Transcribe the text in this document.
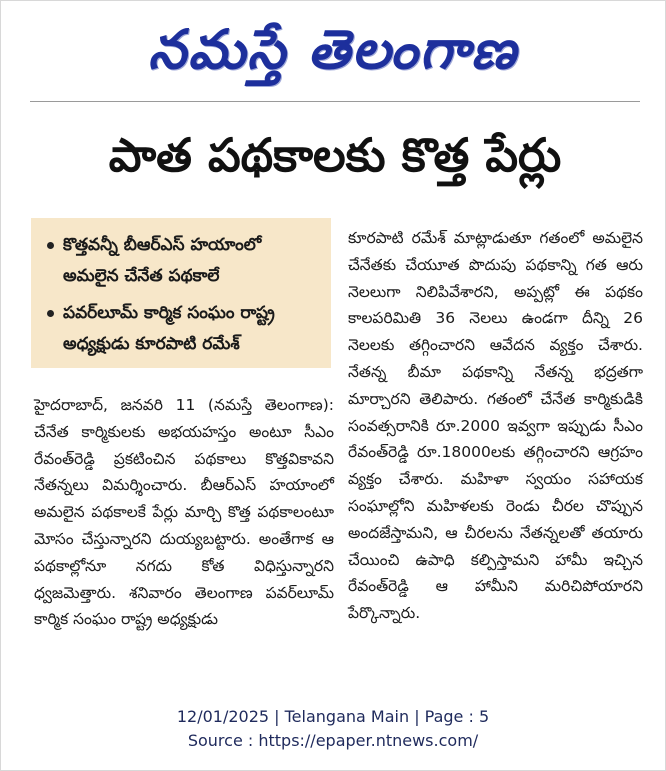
నమస్తే తెలంగాణ
పాత పథకాలకు కొత్త పేర్లు
కొత్తవన్నీ బీఆర్‌ఎస్ హయాంలో అమలైన చేనేత పథకాలే
పవర్‌లూమ్ కార్మిక సంఘం రాష్ట్ర అధ్యక్షుడు కూరపాటి రమేశ్
హైదరాబాద్, జనవరి 11 (నమస్తే తెలంగాణ): చేనేత కార్మికులకు అభయహస్తం అంటూ సీఎం రేవంత్‌రెడ్డి ప్రకటించిన పథకాలు కొత్తవికావని నేతన్నలు విమర్శించారు. బీఆర్‌ఎస్ హయాంలో అమలైన పథకాలకే పేర్లు మార్చి కొత్త పథకాలంటూ మోసం చేస్తున్నారని దుయ్యబట్టారు. అంతేగాక ఆ పథకాల్లోనూ నగదు కోత విధిస్తున్నారని ధ్వజమెత్తారు. శనివారం తెలంగాణ పవర్‌లూమ్ కార్మిక సంఘం రాష్ట్ర అధ్యక్షుడు
కూరపాటి రమేశ్ మాట్లాడుతూ గతంలో అమలైన చేనేతకు చేయూత పొదుపు పథకాన్ని గత ఆరు నెలలుగా నిలిపివేశారని, అప్పట్లో ఈ పథకం కాలపరిమితి 36 నెలలు ఉండగా దీన్ని 26 నెలలకు తగ్గించారని ఆవేదన వ్యక్తం చేశారు. నేతన్న బీమా పథకాన్ని నేతన్న భద్రతగా మార్చారని తెలిపారు. గతంలో చేనేత కార్మికుడికి సంవత్సరానికి రూ.2000 ఇవ్వగా ఇప్పుడు సీఎం రేవంత్‌రెడ్డి రూ.18000లకు తగ్గించారని ఆగ్రహం వ్యక్తం చేశారు. మహిళా స్వయం సహాయక సంఘాల్లోని మహిళలకు రెండు చీరల చొప్పున అందజేస్తామని, ఆ చీరలను నేతన్నలతో తయారు చేయించి ఉపాధి కల్పిస్తామని హామీ ఇచ్చిన రేవంత్‌రెడ్డి ఆ హామీని మరిచిపోయారని పేర్కొన్నారు.
12/01/2025 | Telangana Main | Page : 5
Source : https://epaper.ntnews.com/
